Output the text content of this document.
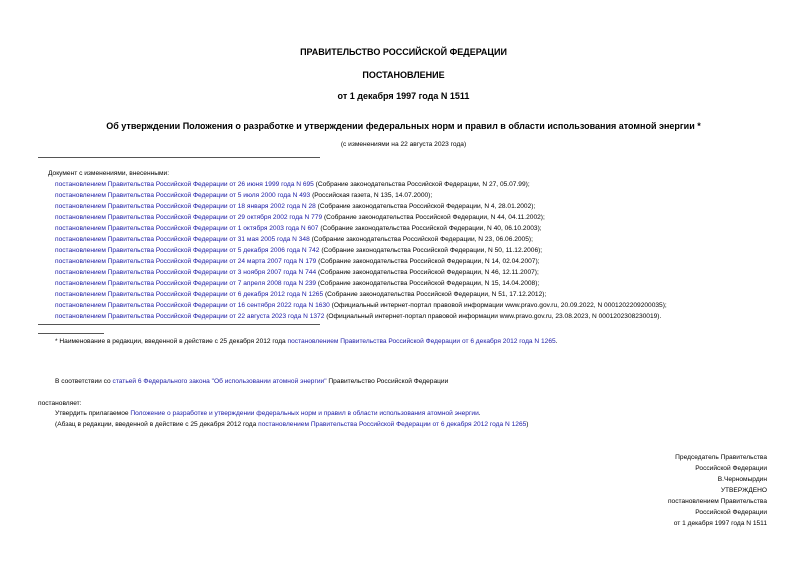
ПРАВИТЕЛЬСТВО РОССИЙСКОЙ ФЕДЕРАЦИИ
ПОСТАНОВЛЕНИЕ
от 1 декабря 1997 года N 1511
Об утверждении Положения о разработке и утверждении федеральных норм и правил в области использования атомной энергии *
(с изменениями на 22 августа 2023 года)
Документ с изменениями, внесенными:
постановлением Правительства Российской Федерации от 26 июня 1999 года N 695 (Собрание законодательства Российской Федерации, N 27, 05.07.99);
постановлением Правительства Российской Федерации от 5 июля 2000 года N 493 (Российская газета, N 135, 14.07.2000);
постановлением Правительства Российской Федерации от 18 января 2002 года N 28 (Собрание законодательства Российской Федерации, N 4, 28.01.2002);
постановлением Правительства Российской Федерации от 29 октября 2002 года N 779 (Собрание законодательства Российской Федерации, N 44, 04.11.2002);
постановлением Правительства Российской Федерации от 1 октября 2003 года N 607 (Собрание законодательства Российской Федерации, N 40, 06.10.2003);
постановлением Правительства Российской Федерации от 31 мая 2005 года N 348 (Собрание законодательства Российской Федерации, N 23, 06.06.2005);
постановлением Правительства Российской Федерации от 5 декабря 2006 года N 742 (Собрание законодательства Российской Федерации, N 50, 11.12.2006);
постановлением Правительства Российской Федерации от 24 марта 2007 года N 179 (Собрание законодательства Российской Федерации, N 14, 02.04.2007);
постановлением Правительства Российской Федерации от 3 ноября 2007 года N 744 (Собрание законодательства Российской Федерации, N 46, 12.11.2007);
постановлением Правительства Российской Федерации от 7 апреля 2008 года N 239 (Собрание законодательства Российской Федерации, N 15, 14.04.2008);
постановлением Правительства Российской Федерации от 6 декабря 2012 года N 1265 (Собрание законодательства Российской Федерации, N 51, 17.12.2012);
постановлением Правительства Российской Федерации от 16 сентября 2022 года N 1630 (Официальный интернет-портал правовой информации www.pravo.gov.ru, 20.09.2022, N 0001202209200035);
постановлением Правительства Российской Федерации от 22 августа 2023 года N 1372 (Официальный интернет-портал правовой информации www.pravo.gov.ru, 23.08.2023, N 0001202308230019).
* Наименование в редакции, введенной в действие с 25 декабря 2012 года постановлением Правительства Российской Федерации от 6 декабря 2012 года N 1265.
В соответствии со статьей 6 Федерального закона "Об использовании атомной энергии" Правительство Российской Федерации
постановляет:
Утвердить прилагаемое Положение о разработке и утверждении федеральных норм и правил в области использования атомной энергии.
(Абзац в редакции, введенной в действие с 25 декабря 2012 года постановлением Правительства Российской Федерации от 6 декабря 2012 года N 1265)
Председатель Правительства
Российской Федерации
В.Черномырдин
УТВЕРЖДЕНО
постановлением Правительства
Российской Федерации
от 1 декабря 1997 года N 1511
